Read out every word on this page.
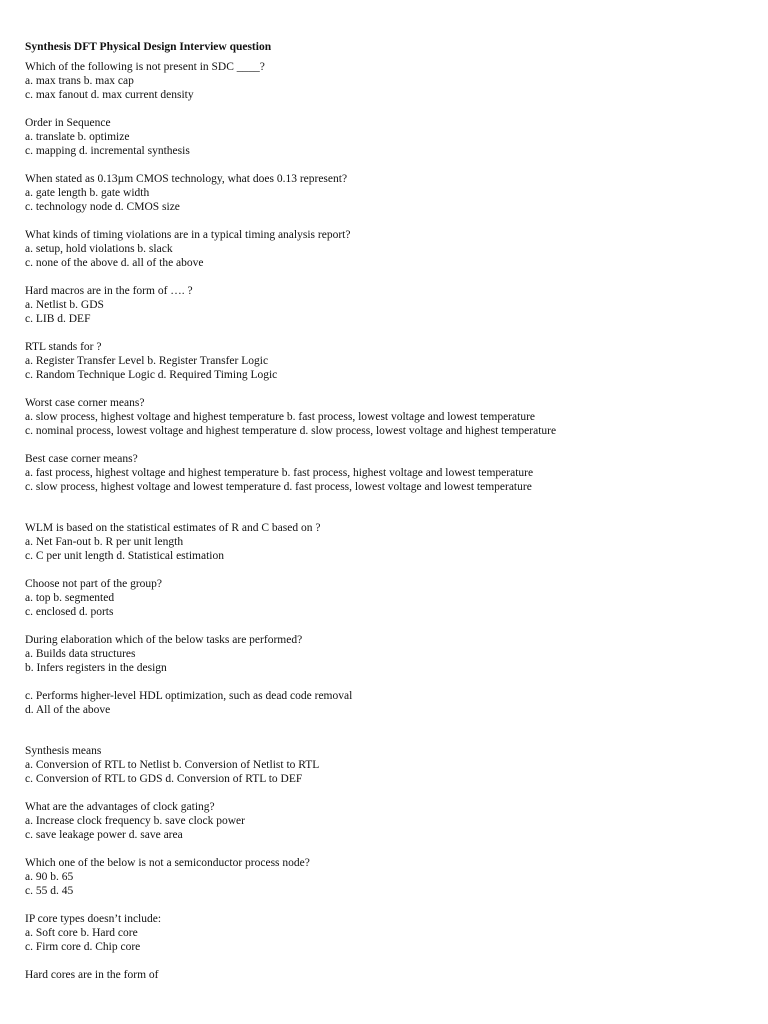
Synthesis DFT Physical Design Interview question
Which of the following is not present in SDC ____?
a. max trans b. max cap
c. max fanout d. max current density
Order in Sequence
a. translate b. optimize
c. mapping d. incremental synthesis
When stated as 0.13µm CMOS technology, what does 0.13 represent?
a. gate length b. gate width
c. technology node d. CMOS size
What kinds of timing violations are in a typical timing analysis report?
a. setup, hold violations b. slack
c. none of the above d. all of the above
Hard macros are in the form of …. ?
a. Netlist b. GDS
c. LIB d. DEF
RTL stands for ?
a. Register Transfer Level b. Register Transfer Logic
c. Random Technique Logic d. Required Timing Logic
Worst case corner means?
a. slow process, highest voltage and highest temperature b. fast process, lowest voltage and lowest temperature
c. nominal process, lowest voltage and highest temperature d. slow process, lowest voltage and highest temperature
Best case corner means?
a. fast process, highest voltage and highest temperature b. fast process, highest voltage and lowest temperature
c. slow process, highest voltage and lowest temperature d. fast process, lowest voltage and lowest temperature
WLM is based on the statistical estimates of R and C based on ?
a. Net Fan-out b. R per unit length
c. C per unit length d. Statistical estimation
Choose not part of the group?
a. top b. segmented
c. enclosed d. ports
During elaboration which of the below tasks are performed?
a. Builds data structures
b. Infers registers in the design
c. Performs higher-level HDL optimization, such as dead code removal
d. All of the above
Synthesis means
a. Conversion of RTL to Netlist b. Conversion of Netlist to RTL
c. Conversion of RTL to GDS d. Conversion of RTL to DEF
What are the advantages of clock gating?
a. Increase clock frequency b. save clock power
c. save leakage power d. save area
Which one of the below is not a semiconductor process node?
a. 90 b. 65
c. 55 d. 45
IP core types doesn’t include:
a. Soft core b. Hard core
c. Firm core d. Chip core
Hard cores are in the form of
